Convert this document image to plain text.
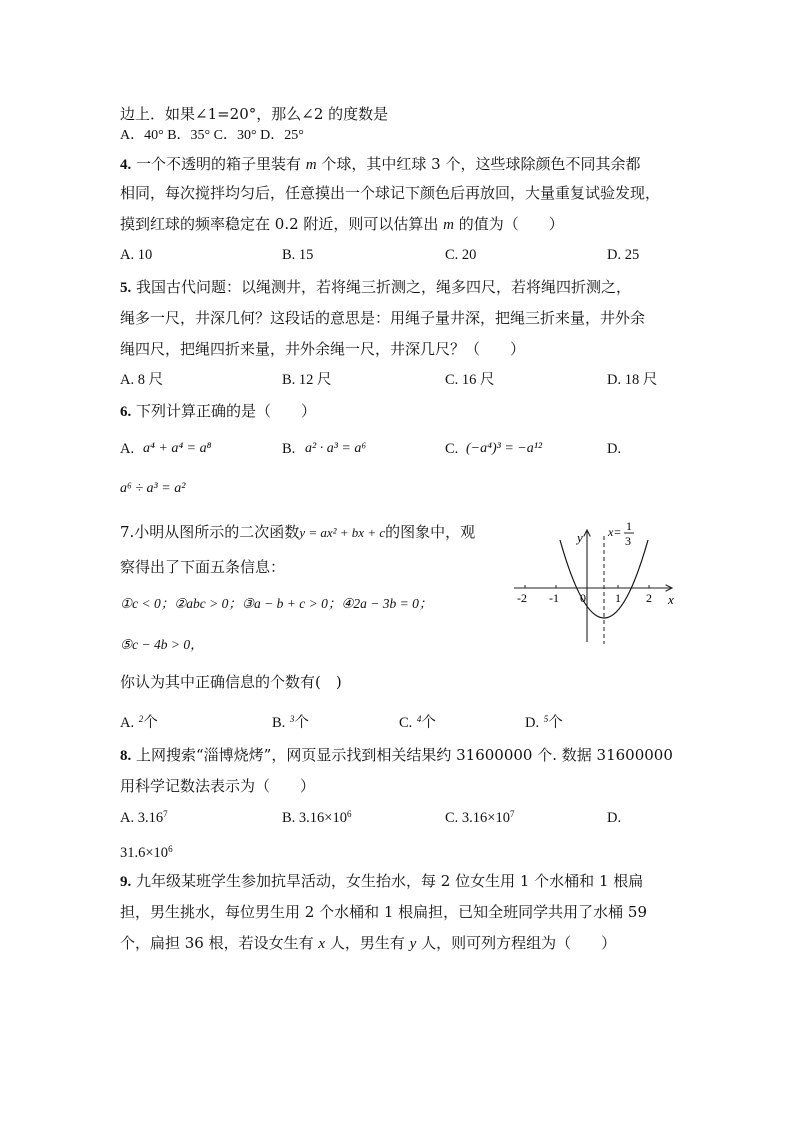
边上．如果∠1=20°，那么∠2 的度数是
A．40° B．35° C．30° D．25°
4. 一个不透明的箱子里装有 m 个球，其中红球 3 个，这些球除颜色不同其余都
相同，每次搅拌均匀后，任意摸出一个球记下颜色后再放回，大量重复试验发现，
摸到红球的频率稳定在 0.2 附近，则可以估算出 m 的值为（　　）
A. 10	B. 15	C. 20	D. 25
5. 我国古代问题：以绳测井，若将绳三折测之，绳多四尺，若将绳四折测之，
绳多一尺，井深几何？这段话的意思是：用绳子量井深，把绳三折来量，井外余
绳四尺，把绳四折来量，井外余绳一尺，井深几尺？（　　）
A. 8 尺	B. 12 尺	C. 16 尺	D. 18 尺
6. 下列计算正确的是（　　）
A. a⁴ + a⁴ = a⁸	B. a² · a³ = a⁶	C. (−a⁴)³ = −a¹²	D.
a⁶ ÷ a³ = a²
7.小明从图所示的二次函数y = ax² + bx + c的图象中，观
察得出了下面五条信息：
①c < 0；②abc > 0；③a − b + c > 0；④2a − 3b = 0；
⑤c − 4b > 0，
你认为其中正确信息的个数有(　)
A. $^2$个	B. $^3$个	C. $^4$个	D. $^5$个
y
x
x= 1
3
-2 -1 0 1 2
8. 上网搜索“淄博烧烤”，网页显示找到相关结果约 31600000 个. 数据 31600000
用科学记数法表示为（　　）
A. 3.16$^7$	B. $3.16\times 10^6$	C. $3.16\times 10^7$	D.
$31.6\times 10^6$
9. 九年级某班学生参加抗旱活动，女生抬水，每 2 位女生用 1 个水桶和 1 根扁
担，男生挑水，每位男生用 2 个水桶和 1 根扁担，已知全班同学共用了水桶 59
个，扁担 36 根，若设女生有 x 人，男生有 y 人，则可列方程组为（　　）
